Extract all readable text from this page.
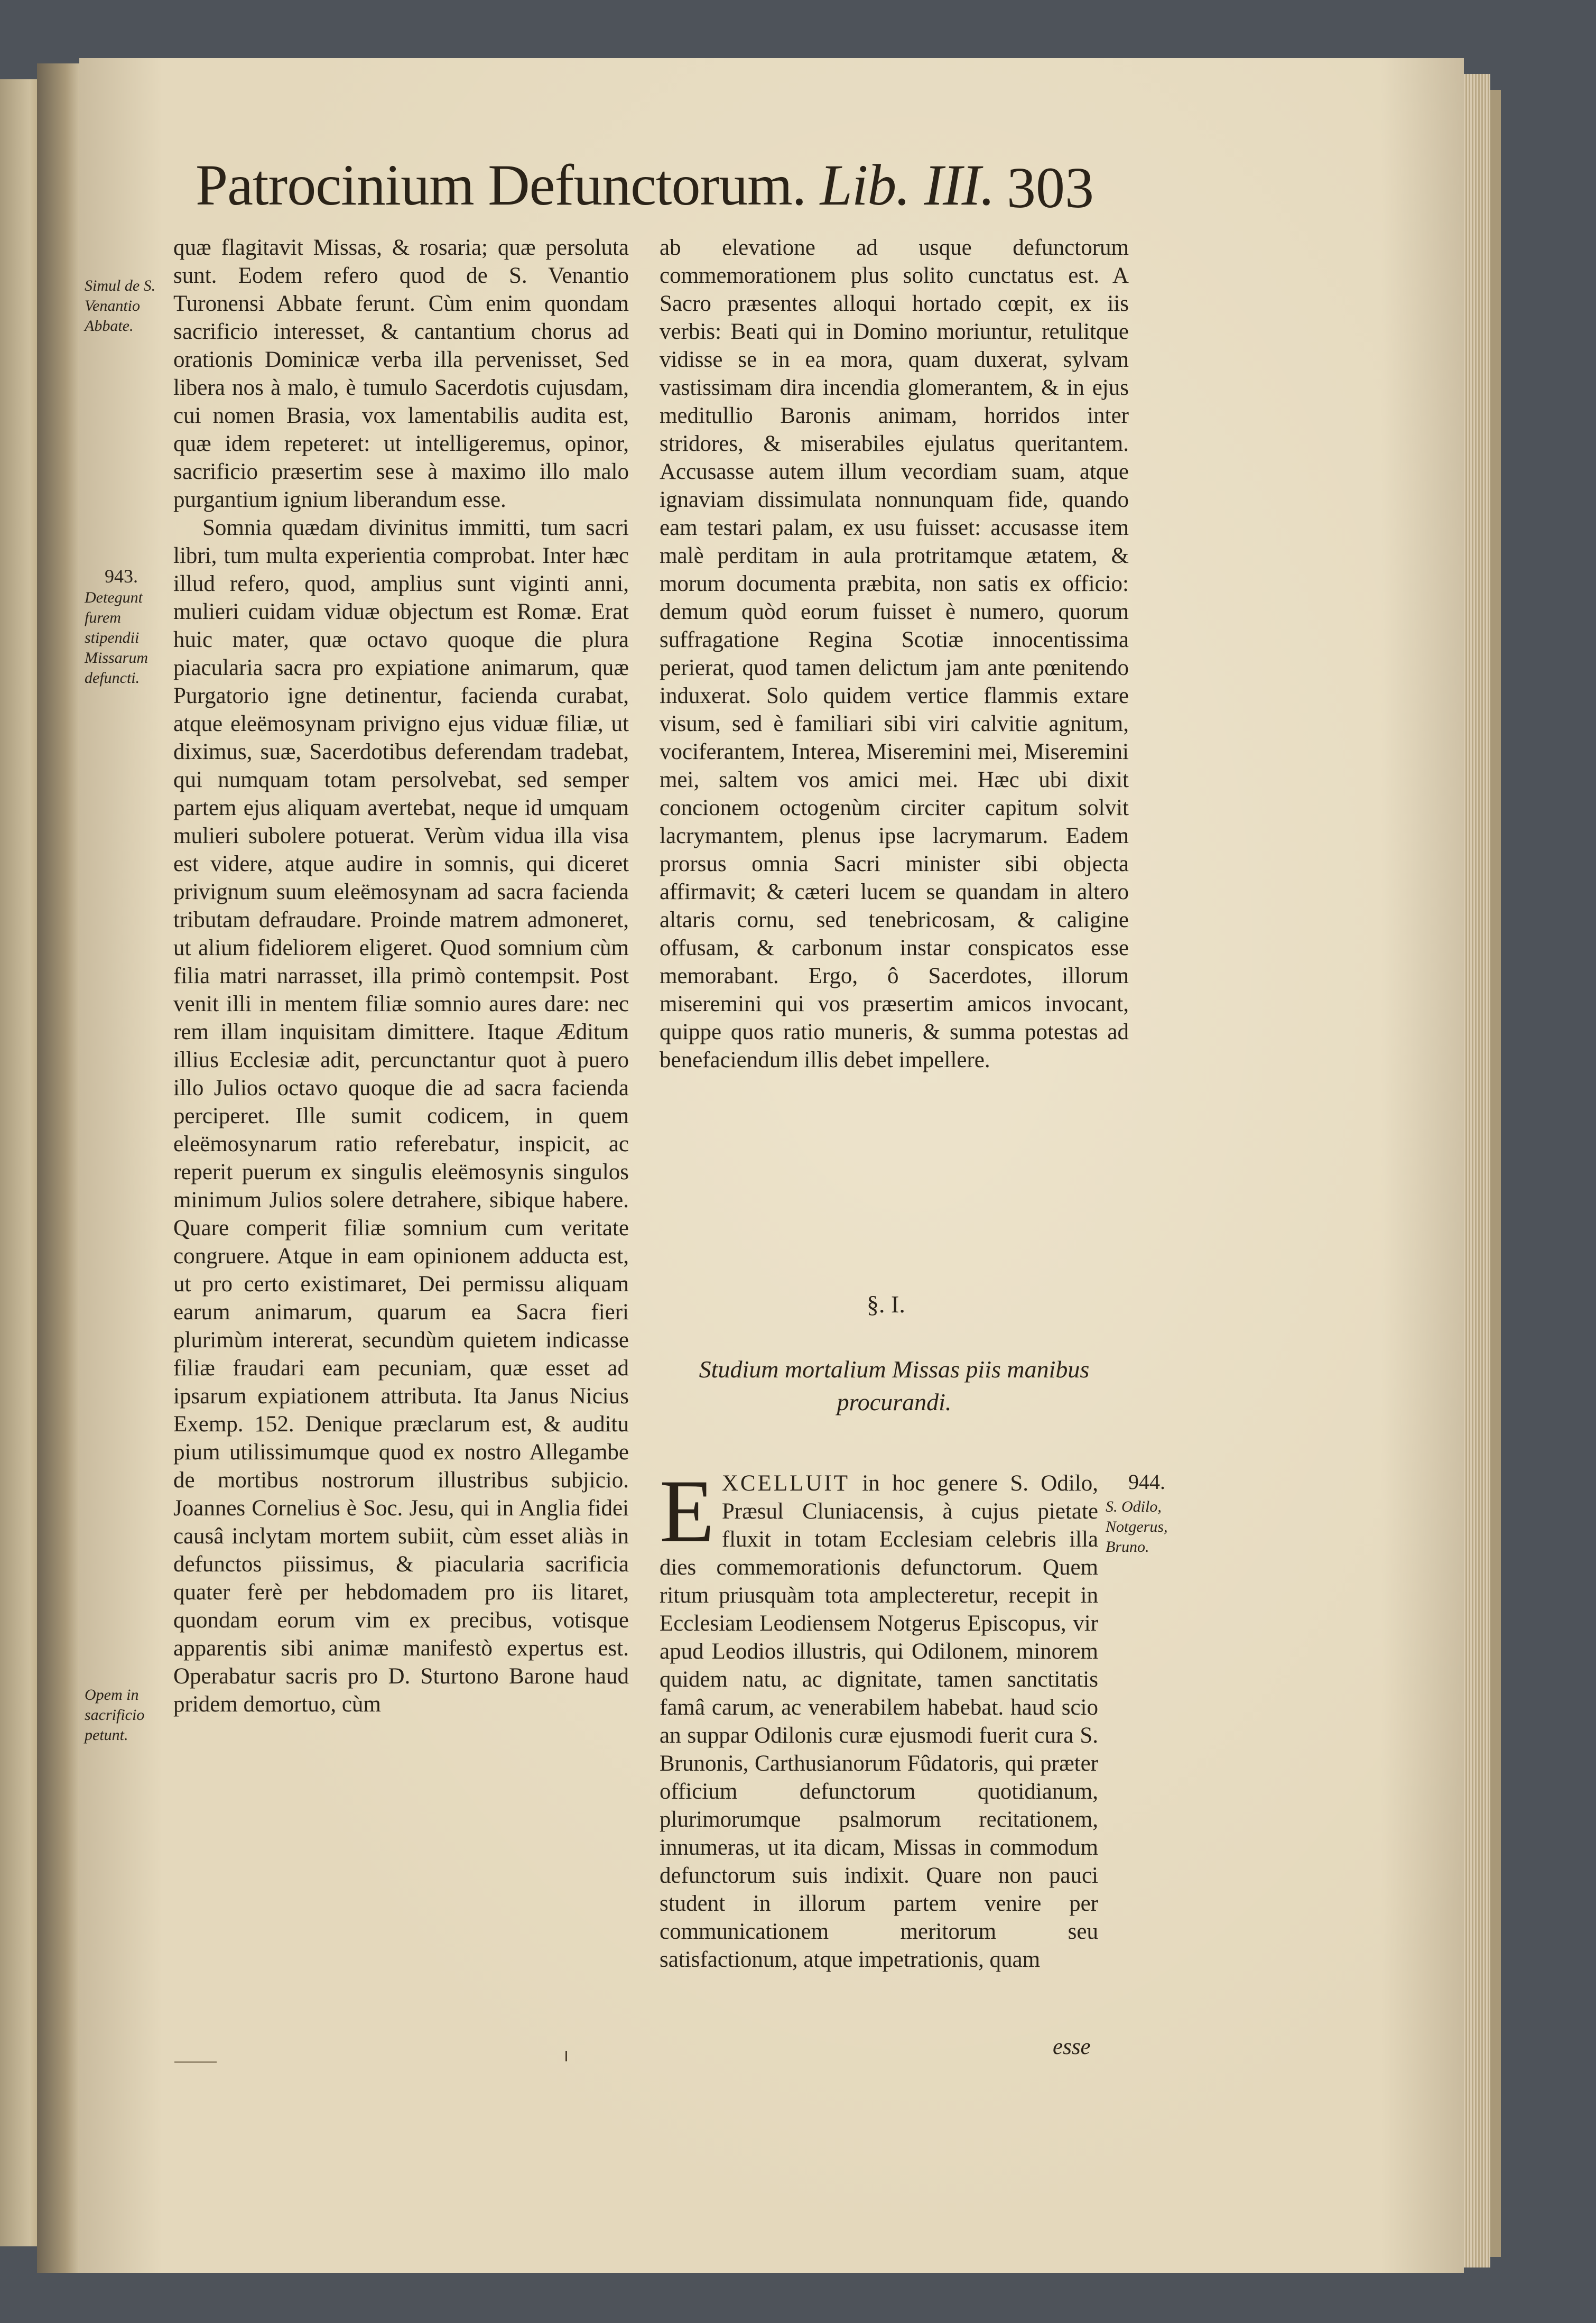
Patrocinium Defunctorum. Lib. III. 303
Simul de S. Venantio Abbate.
943.
Detegunt furem stipendii Missarum defuncti.
Opem in sacrificio petunt.

quæ flagitavit Missas, & rosaria; quæ persoluta sunt. Eodem refero quod de S. Venantio Turonensi Abbate ferunt. Cùm enim quondam sacrificio interesset, & cantantium chorus ad orationis Dominicæ verba illa pervenisset, Sed libera nos à malo, è tumulo Sacerdotis cujusdam, cui nomen Brasia, vox lamentabilis audita est, quæ idem repeteret: ut intelligeremus, opinor, sacrificio præsertim sese à maximo illo malo purgantium ignium liberandum esse.

Somnia quædam divinitus immitti, tum sacri libri, tum multa experientia comprobat. Inter hæc illud refero, quod, amplius sunt viginti anni, mulieri cuidam viduæ objectum est Romæ. Erat huic mater, quæ octavo quoque die plura piacularia sacra pro expiatione animarum, quæ Purgatorio igne detinentur, facienda curabat, atque eleëmosynam privigno ejus viduæ filiæ, ut diximus, suæ, Sacerdotibus deferendam tradebat, qui numquam totam persolvebat, sed semper partem ejus aliquam avertebat, neque id umquam mulieri subolere potuerat. Verùm vidua illa visa est videre, atque audire in somnis, qui diceret privignum suum eleëmosynam ad sacra facienda tributam defraudare. Proinde matrem admoneret, ut alium fideliorem eligeret. Quod somnium cùm filia matri narrasset, illa primò contempsit. Post venit illi in mentem filiæ somnio aures dare: nec rem illam inquisitam dimittere. Itaque Æditum illius Ecclesiæ adit, percunctantur quot à puero illo Julios octavo quoque die ad sacra facienda perciperet. Ille sumit codicem, in quem eleëmosynarum ratio referebatur, inspicit, ac reperit puerum ex singulis eleëmosynis singulos minimum Julios solere detrahere, sibique habere. Quare comperit filiæ somnium cum veritate congruere. Atque in eam opinionem adducta est, ut pro certo existimaret, Dei permissu aliquam earum animarum, quarum ea Sacra fieri plurimùm intererat, secundùm quietem indicasse filiæ fraudari eam pecuniam, quæ esset ad ipsarum expiationem attributa. Ita Janus Nicius Exemp. 152. Denique præclarum est, & auditu pium utilissimumque quod ex nostro Allegambe de mortibus nostrorum illustribus subjicio. Joannes Cornelius è Soc. Jesu, qui in Anglia fidei causâ inclytam mortem subiit, cùm esset aliàs in defunctos piissimus, & piacularia sacrificia quater ferè per hebdomadem pro iis litaret, quondam eorum vim ex precibus, votisque apparentis sibi animæ manifestò expertus est. Operabatur sacris pro D. Sturtono Barone haud pridem demortuo, cùm

ab elevatione ad usque defunctorum commemorationem plus solito cunctatus est. A Sacro præsentes alloqui hortado cœpit, ex iis verbis: Beati qui in Domino moriuntur, retulitque vidisse se in ea mora, quam duxerat, sylvam vastissimam dira incendia glomerantem, & in ejus meditullio Baronis animam, horridos inter stridores, & miserabiles ejulatus queritantem. Accusasse autem illum vecordiam suam, atque ignaviam dissimulata nonnunquam fide, quando eam testari palam, ex usu fuisset: accusasse item malè perditam in aula protritamque ætatem, & morum documenta præbita, non satis ex officio: demum quòd eorum fuisset è numero, quorum suffragatione Regina Scotiæ innocentissima perierat, quod tamen delictum jam ante pœnitendo induxerat. Solo quidem vertice flammis extare visum, sed è familiari sibi viri calvitie agnitum, vociferantem, Interea, Miseremini mei, Miseremini mei, saltem vos amici mei. Hæc ubi dixit concionem octogenùm circiter capitum solvit lacrymantem, plenus ipse lacrymarum. Eadem prorsus omnia Sacri minister sibi objecta affirmavit; & cæteri lucem se quandam in altero altaris cornu, sed tenebricosam, & caligine offusam, & carbonum instar conspicatos esse memorabant. Ergo, ô Sacerdotes, illorum miseremini qui vos præsertim amicos invocant, quippe quos ratio muneris, & summa potestas ad benefaciendum illis debet impellere.

§. I.
Studium mortalium Missas piis manibus procurandi.
944.
S. Odilo, Notgerus, Bruno.

EXCELLUIT in hoc genere S. Odilo, Præsul Cluniacensis, à cujus pietate fluxit in totam Ecclesiam celebris illa dies commemorationis defunctorum. Quem ritum priusquàm tota amplecteretur, recepit in Ecclesiam Leodiensem Notgerus Episcopus, vir apud Leodios illustris, qui Odilonem, minorem quidem natu, ac dignitate, tamen sanctitatis famâ carum, ac venerabilem habebat. haud scio an suppar Odilonis curæ ejusmodi fuerit cura S. Brunonis, Carthusianorum Fûdatoris, qui præter officium defunctorum quotidianum, plurimorumque psalmorum recitationem, innumeras, ut ita dicam, Missas in commodum defunctorum suis indixit. Quare non pauci student in illorum partem venire per communicationem meritorum seu satisfactionum, atque impetrationis, quam

esse
